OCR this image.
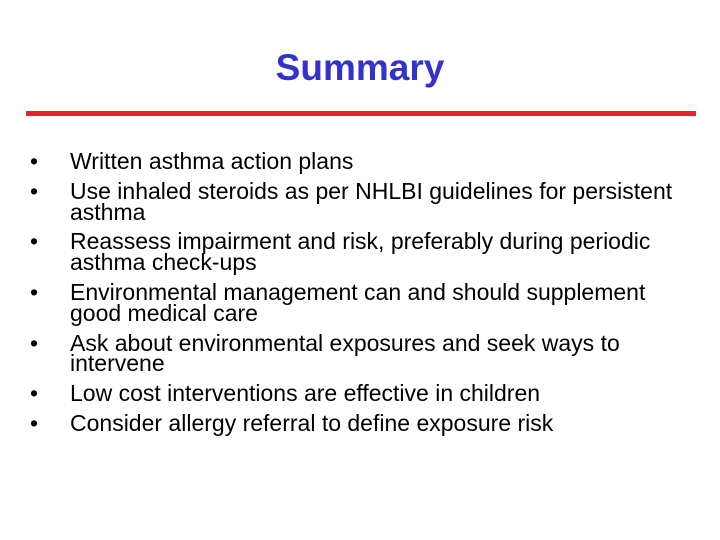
Summary
•	Written asthma action plans
•	Use inhaled steroids as per NHLBI guidelines for persistent asthma
•	Reassess impairment and risk, preferably during periodic asthma check-ups
•	Environmental management can and should supplement good medical care
•	Ask about environmental exposures and seek ways to intervene
•	Low cost interventions are effective in children
•	Consider allergy referral to define exposure risk
